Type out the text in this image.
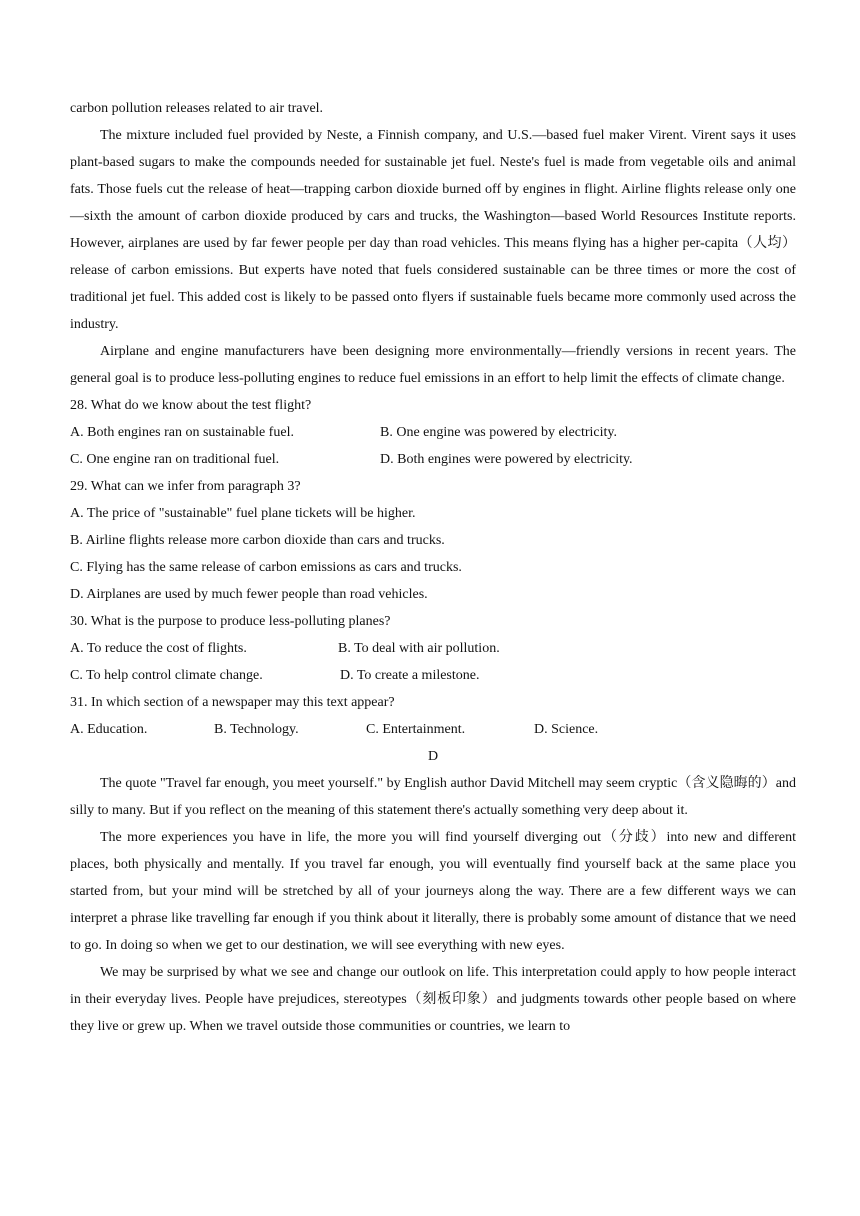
carbon pollution releases related to air travel.

The mixture included fuel provided by Neste, a Finnish company, and U.S.—based fuel maker Virent. Virent says it uses plant-based sugars to make the compounds needed for sustainable jet fuel. Neste's fuel is made from vegetable oils and animal fats. Those fuels cut the release of heat—trapping carbon dioxide burned off by engines in flight. Airline flights release only one—sixth the amount of carbon dioxide produced by cars and trucks, the Washington—based World Resources Institute reports. However, airplanes are used by far fewer people per day than road vehicles. This means flying has a higher per-capita（人均）release of carbon emissions. But experts have noted that fuels considered sustainable can be three times or more the cost of traditional jet fuel. This added cost is likely to be passed onto flyers if sustainable fuels became more commonly used across the industry.

Airplane and engine manufacturers have been designing more environmentally—friendly versions in recent years. The general goal is to produce less-polluting engines to reduce fuel emissions in an effort to help limit the effects of climate change.

28. What do we know about the test flight?

A. Both engines ran on sustainable fuel.	B. One engine was powered by electricity.
C. One engine ran on traditional fuel.	D. Both engines were powered by electricity.

29. What can we infer from paragraph 3?

A. The price of "sustainable" fuel plane tickets will be higher.

B. Airline flights release more carbon dioxide than cars and trucks.

C. Flying has the same release of carbon emissions as cars and trucks.

D. Airplanes are used by much fewer people than road vehicles.

30. What is the purpose to produce less-polluting planes?

A. To reduce the cost of flights.	B. To deal with air pollution.
C. To help control climate change.	D. To create a milestone.

31. In which section of a newspaper may this text appear?

A. Education.	B. Technology.	C. Entertainment.	D. Science.

D

The quote "Travel far enough, you meet yourself." by English author David Mitchell may seem cryptic（含义隐晦的）and silly to many. But if you reflect on the meaning of this statement there's actually something very deep about it.

The more experiences you have in life, the more you will find yourself diverging out（分歧）into new and different places, both physically and mentally. If you travel far enough, you will eventually find yourself back at the same place you started from, but your mind will be stretched by all of your journeys along the way. There are a few different ways we can interpret a phrase like travelling far enough if you think about it literally, there is probably some amount of distance that we need to go. In doing so when we get to our destination, we will see everything with new eyes.

We may be surprised by what we see and change our outlook on life. This interpretation could apply to how people interact in their everyday lives. People have prejudices, stereotypes（刻板印象）and judgments towards other people based on where they live or grew up. When we travel outside those communities or countries, we learn to
